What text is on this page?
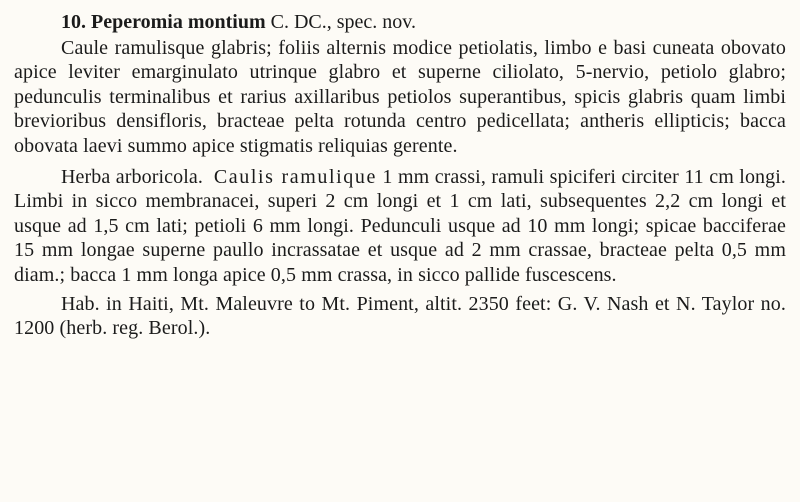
10. Peperomia montium C. DC., spec. nov.

Caule ramulisque glabris; foliis alternis modice petiolatis, limbo e basi cuneata obovato apice leviter emarginulato utrinque glabro et superne ciliolato, 5-nervio, petiolo glabro; pedunculis terminalibus et rarius axillaribus petiolos superantibus, spicis glabris quam limbi brevioribus densifloris, bracteae pelta rotunda centro pedicellata; antheris ellipticis; bacca obovata laevi summo apice stigmatis reliquias gerente.

Herba arboricola. Caulis ramulique 1 mm crassi, ramuli spiciferi circiter 11 cm longi. Limbi in sicco membranacei, superi 2 cm longi et 1 cm lati, subsequentes 2,2 cm longi et usque ad 1,5 cm lati; petioli 6 mm longi. Pedunculi usque ad 10 mm longi; spicae bacciferae 15 mm longae superne paullo incrassatae et usque ad 2 mm crassae, bracteae pelta 0,5 mm diam.; bacca 1 mm longa apice 0,5 mm crassa, in sicco pallide fuscescens.

Hab. in Haiti, Mt. Maleuvre to Mt. Piment, altit. 2350 feet: G. V. Nash et N. Taylor no. 1200 (herb. reg. Berol.).
